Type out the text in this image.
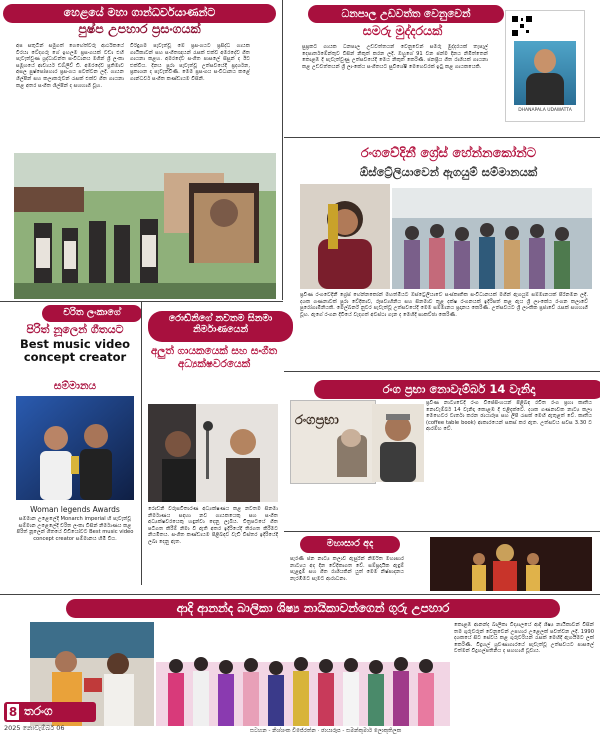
හෙළයේ මහා ගාන්ධර්වයාණන්ට
පුෂ්ප උපහාර ප්‍රසංගයක්
අප සතුටින් සමුගත් ගෙහේත්වරු ආර්ථිකයේ වීරයා වේදගරු ගේ ඉහලම ප්‍රසංගයක් වඩා එහි පැවැත්වුණ ශ්‍රද්ධාවන්ත සංවිධානය මගින් ශ්‍රී ලංකා සමූහයේ ආචාර්ය ඩබ්ලිව් ඩී. අමරදේව ප්‍රතිමාව අසල පුෂ්පෝපහාර ප්‍රසංගය පවත්වන ලදී. ගායන ශිල්පීන් සහ කලාකරුවන් රැසක් එක්ව ගීත ගායනා කළ අතර සංගීත ශිල්පීන් ද සහභාගී වූහ.
විරිඳුගම පැවැත්වූ මේ ප්‍රසංගයට ප්‍රසිද්ධ ගායක ගායිකාවන් සහ සංගීතඥයන් රැසක් එක්ව අමරදේව ගීත ගායනා කළහ. අමරදේව සංගීත පාසලේ සිසුන් ද ඊට එක්විය. දිනය පුරා පැවැත්වූ උත්සවයේදී ප්‍රදර්ශන, ප්‍රකාශන ද පැවැත්විණි. මෙම ප්‍රසංගය සංවිධානය කළේ ගාන්ධර්ව සංගීත කණ්ඩායම විසිනි.
ධනපාල උඩවත්ත වෙනුවෙන්
සමරු මුද්දරයක්
සුප්‍රකට ගායක ධනපාල උඩවත්තයන් වෙනුවෙන් සමරු මුද්දරයක් තැපැල් දෙපාර්තමේන්තුව විසින් නිකුත් කරන ලදී. ඔහුගේ 91 වන ජන්ම දිනය නිමිත්තෙන් කොළඹ දී පැවැත්වුණු උත්සවයේදී මෙය නිකුත් කෙරිණි. ජනප්‍රිය ගීත රාශියක් ගායනා කළ උඩවත්තයන් ශ්‍රී ලාංකේය සංගීතයට සුවිශේෂී මෙහෙවරක් ඉටු කළ ගායකයෙකි.
DHANAPALA UDAWATTA
රංගවේදිනී ග්‍රේස් හේන්නකෝන්ට
ඕස්ට්‍රේලියාවෙන් ඇගයුම් සම්මානයක්
ප්‍රවීණ රංගවේදිනී ග්‍රේස් හේන්නකෝන් මහත්මියට ඕස්ට්‍රේලියාවේ සංස්කෘතික සංවිධානයක් මගින් ඇගයුම් සම්මානයක් පිරිනමන ලදී. දශක ගණනාවක් පුරා වේදිකාව, රූපවාහිනිය සහ සිනමාව තුළ දක්ෂ රංගනයක් ඉදිරිපත් කළ ඇය ශ්‍රී ලාංකේය රංගන කලාවේ පුරෝගාමිනියකි. මෙල්බර්න් නුවර පැවැත්වූ උත්සවයේදී මෙම සම්මානය ප්‍රදානය කෙරිණි. උත්සවයට ශ්‍රී ලාංකික ප්‍රජාවේ රැසක් සහභාගී වූහ. ඇගේ රංගන දිවියේ වැදගත් අවස්ථා ගැන ද මෙහිදී සාකච්ඡා කෙරිණි.
චරිත ලංකාගේ
පිරිත් නූලෙන් ගීතයට
Best music video concept creator
සම්මානය
Woman legends Awards
සම්මාන උළෙලේදී Monarch imperial හි පැවැත්වූ සම්මාන උළෙලේදී චරිත ලංකා විසින් නිර්මාණය කළ පිරිත් නූලෙන් ගීතයේ වීඩියෝවට Best music video concept creator සම්මානය හිමි විය.
රොඩ්නිගේ නවතම සිනමා නිර්මාණයෙන්
අලුත් ගායකයෙක් සහ සංගීත අධ්‍යක්ෂවරයෙක්
රොඩ්නි වරුසවිතාරණ අධ්‍යක්ෂණය කළ නවතම සිනමා නිර්මාණය සඳහා නව ගායකයෙකු සහ සංගීත අධ්‍යක්ෂවරයෙකු හඳුන්වා දෙනු ලැබීය. චිත්‍රපටයේ ගීත පටිගත කිරීම් නිමා වී ඇති අතර ඉදිරියේදී තිරගත කිරීමට නියමිතය. සංගීත කණ්ඩායම පිළිබඳව වැඩි විස්තර ඉදිරියේදී ලබා දෙනු ඇත.
රංග ප්‍රභා නොවැම්බර් 14 වැනිදා
රංගප්‍රභා
ප්‍රවීණ නාට්‍යවේදී රංග විජේසිංහයන් පිළිබඳ රචිත රංග ප්‍රභා කෘතිය නොවැම්බර් 14 වැනිදා කොළඹ දී එළිදැක්වේ. දශක ගණනාවක නාට්‍ය කලා මෙහෙවර වාර්තා කරන ඡායාරූප සහ ලිපි රැසක් මෙහි ඇතුළත් වේ. කෘතිය (coffee table book) ආකාරයෙන් සකස් කර ඇත. උත්සවය සවස 3.30 ට ආරම්භ වේ.
මහාසාර අද
පැරණි ජන නාට්‍ය කලාව ඇසුරින් නිර්මිත මහාසාර නාට්‍යය අද දින වේදිකාගත වේ. සම්ප්‍රදායික ඇඳුම් පැළඳුම් සහ ගීත රාශියකින් යුත් මෙම නිෂ්පාදනය නැරඹීමට සැමට ආරාධනා.
ආදි ආනන්ද බාලිකා ශිෂ්‍ය නායිකාවන්ගෙන් ගුරු උපහාර
කොළඹ ආනන්ද බාලිකා විද්‍යාලයේ ආදි ශිෂ්‍ය නායිකාවන් විසින් තම ගුරුවරුන් වෙනුවෙන් උපහාර උළෙලක් පවත්වන ලදී. 1990 දශකයේ සිට සේවය කළ ගුරුවරියන් රැසක් මෙහිදී ඇගයීමට ලක් කෙරිණි. විදුහල් ශ්‍රවණාගාරයේ පැවැත්වූ උත්සවයට පාසලේ වත්මන් විදුහල්පතිනිය ද සහභාගී වූවාය.
8 තරංග
2025 නොවැම්බර් 06	සටහන - නිශ්ශංක විජේරත්න · ඡායාරූප - සමන්කුමාර් ලොකුතිලක
